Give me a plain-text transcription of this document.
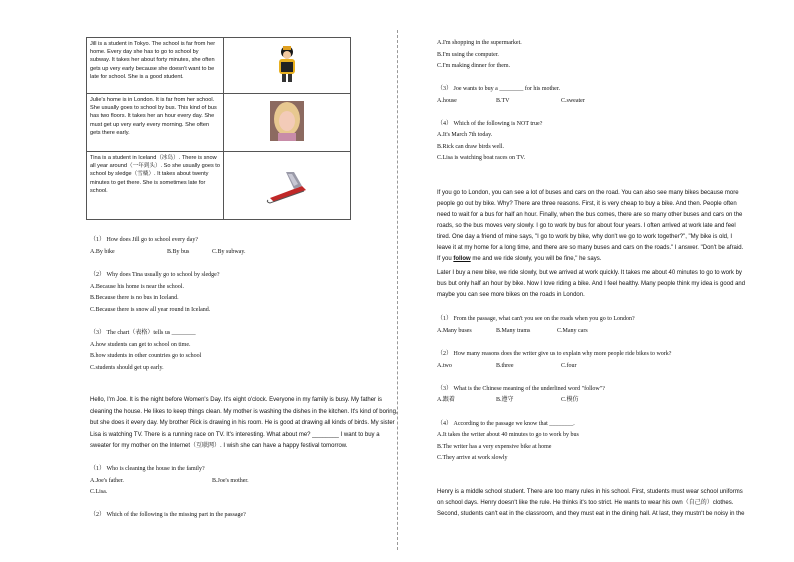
Jill is a student in Tokyo. The school is far from her home. Every day she has to go to school by subway. It takes her about forty minutes, she often gets up very early because she doesn't want to be late for school. She is a good student.	
Julie's home is in London. It is far from her school. She usually goes to school by bus. This kind of bus has two floors. It takes her an hour every day. She must get up very early every morning. She often gets there early.	
Tina is a student in Iceland（冰岛）. There is snow all year around（一年到头）. So she usually goes to school by sledge（雪橇）. It takes about twenty minutes to get there. She is sometimes late for school.	
（1） How does Jill go to school every day?
A.By bike	B.By bus	C.By subway.
（2） Why does Tina usually go to school by sledge?
A.Because his home is near the school.
B.Because there is no bus in Iceland.
C.Because there is snow all year round in Iceland.
（3） The chart（表格）tells us ________
A.how students can get to school on time.
B.how students in other countries go to school
C.students should get up early.
Hello, I'm Joe. It is the night before Women's Day. It's eight o'clock. Everyone in my family is busy. My father is
cleaning the house. He likes to keep things clean. My mother is washing the dishes in the kitchen. It's kind of boring,
but she does it every day. My brother Rick is drawing in his room. He is good at drawing all kinds of birds. My sister
Lisa is watching TV. There is a running race on TV. It's interesting. What about me? ________ I want to buy a
sweater for my mother on the Internet（互联网）. I wish she can have a happy festival tomorrow.
（1） Who is cleaning the house in the family?
A.Joe's father.	B.Joe's mother.
C.Lisa.
（2） Which of the following is the missing part in the passage?
A.I'm shopping in the supermarket.
B.I'm using the computer.
C.I'm making dinner for them.
（3） Joe wants to buy a ________ for his mother.
A.house	B.TV	C.sweater
（4） Which of the following is NOT true?
A.It's March 7th today.
B.Rick can draw birds well.
C.Lisa is watching boat races on TV.
If you go to London, you can see a lot of buses and cars on the road. You can also see many bikes because more
people go out by bike. Why? There are three reasons. First, it is very cheap to buy a bike. And then. People often
need to wait for a bus for half an hour. Finally, when the bus comes, there are so many other buses and cars on the
roads, so the bus moves very slowly. I go to work by bus for about four years. I often arrived at work late and feel
tired. One day a friend of mine says, "I go to work by bike, why don't we go to work together?", "My bike is old, I
leave it at my home for a long time, and there are so many buses and cars on the roads." I answer. "Don't be afraid.
If you follow me and we ride slowly, you will be fine," he says.
Later I buy a new bike, we ride slowly, but we arrived at work quickly. It takes me about 40 minutes to go to work by
bus but only half an hour by bike. Now I love riding a bike. And I feel healthy. Many people think my idea is good and
maybe you can see more bikes on the roads in London.
（1） From the passage, what can't you see on the roads when you go to London?
A.Many buses	B.Many trams	C.Many cars
（2） How many reasons does the writer give us to explain why more people ride bikes to work?
A.two	B.three	C.four
（3） What is the Chinese meaning of the underlined word "follow"?
A.跟着	B.遵守	C.模仿
（4） According to the passage we know that ________.
A.It takes the writer about 40 minutes to go to work by bus
B.The writer has a very expensive bike at home
C.They arrive at work slowly
Henry is a middle school student. There are too many rules in his school. First, students must wear school uniforms
on school days. Henry doesn't like the rule. He thinks it's too strict. He wants to wear his own（自己的）clothes.
Second, students can't eat in the classroom, and they must eat in the dining hall. At last, they mustn't be noisy in the
